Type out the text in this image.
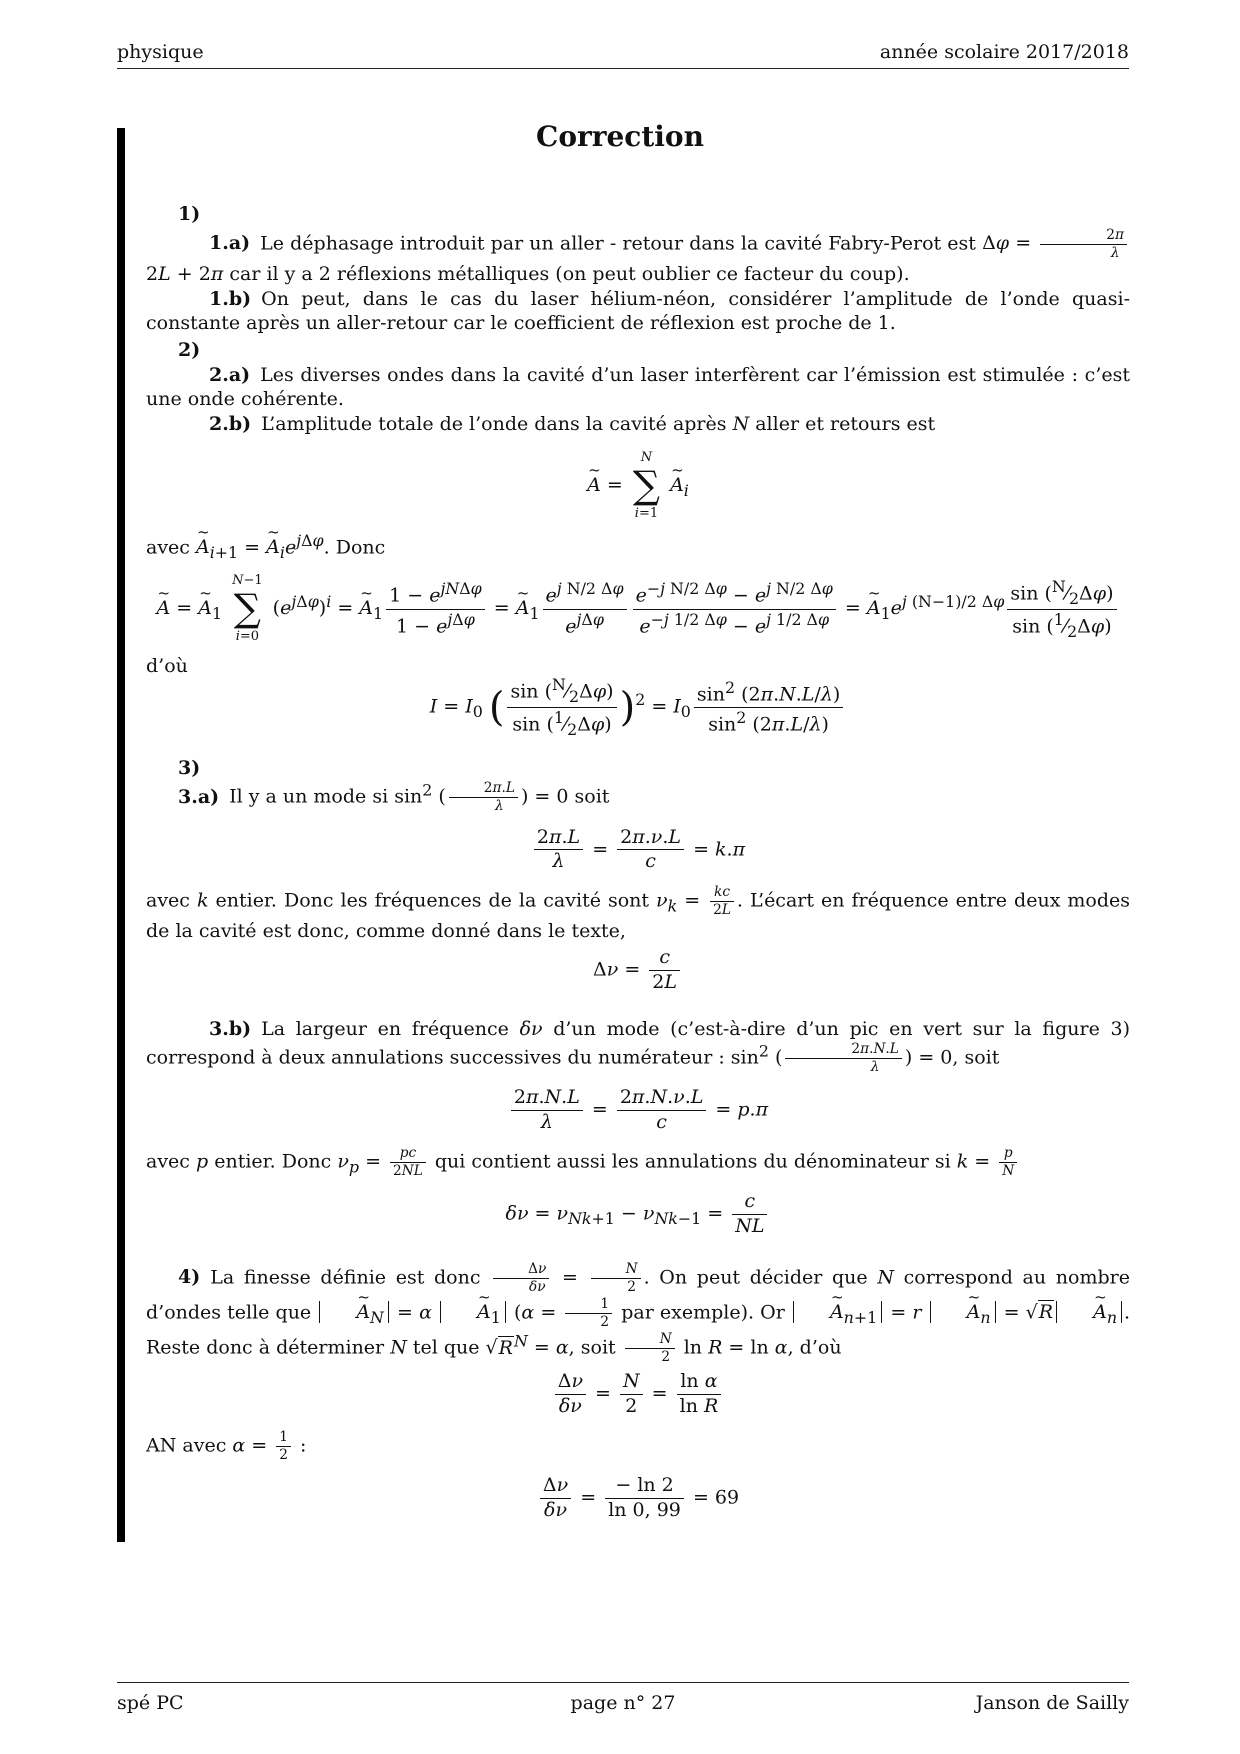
physique	année scolaire 2017/2018
Correction
1)

1.a) Le déphasage introduit par un aller - retour dans la cavité Fabry-Perot est $\Delta\varphi = \frac{2\pi}{\lambda}$
2L + 2π car il y a 2 réflexions métalliques (on peut oublier ce facteur du coup).

1.b) On peut, dans le cas du laser hélium-néon, considérer l’amplitude de l’onde quasi-constante après un aller-retour car le coefficient de réflexion est proche de 1.

2)

2.a) Les diverses ondes dans la cavité d’un laser interfèrent car l’émission est stimulée : c’est une onde cohérente.

2.b) L’amplitude totale de l’onde dans la cavité après N aller et retours est

~ A =
N
∑
i=1
~ $A_i$

avec ~ $A_{i+1}$ = ~ $A_ie^{j\Delta\varphi}$. Donc

~ A = ~ $A_1$
N−1
∑
i=0
$(e^{j\Delta\varphi})^i$ = ~ $A_1 \frac{1 - e^{jN\Delta\varphi}}{1 - e^{j\Delta\varphi}}$ = ~ $A_1 \frac{e^{j N/2 \Delta\varphi}}{e^{j\Delta\varphi}} \frac{e^{-j N/2 \Delta\varphi} - e^{j N/2 \Delta\varphi}}{e^{-j 1/2 \Delta\varphi} - e^{j 1/2 \Delta\varphi}}$ = ~ $A_1e^{j (N-1)/2 \Delta\varphi} \frac{\sin (^N⁄_2\Delta\varphi)}{\sin (^1⁄_2\Delta\varphi)}$

d’où

$I = I_0$ ( $\frac{\sin (^N⁄_2\Delta\varphi)}{\sin (^1⁄_2\Delta\varphi)} )^2 = I_0 \frac{\sin^2 (2\pi.N.L/\lambda)}{\sin^2 (2\pi.L/\lambda)}$
3)

3.a) Il y a un mode si $\sin^2$ ( $\frac{2\pi.L}{\lambda}$ ) = 0 soit

$\frac{2\pi.L}{\lambda} = \frac{2\pi.\nu.L}{c} = k.\pi$

avec k entier. Donc les fréquences de la cavité sont $\nu_k = \frac{kc}{2L}$ . L’écart en fréquence entre deux modes de la cavité est donc, comme donné dans le texte,

$\Delta\nu = \frac{c}{2L}$

3.b) La largeur en fréquence δν d’un mode (c’est-à-dire d’un pic en vert sur la figure 3) correspond à deux annulations successives du numérateur : $\sin^2$ ( $\frac{2\pi.N.L}{\lambda}$ ) = 0, soit

$\frac{2\pi.N.L}{\lambda} = \frac{2\pi.N.\nu.L}{c} = p.\pi$

avec p entier. Donc $\nu_p = \frac{pc}{2NL}$ qui contient aussi les annulations du dénominateur si $k = \frac{p}{N}$

$\delta\nu = \nu_{Nk+1} - \nu_{Nk-1} = \frac{c}{NL}$

4) La finesse définie est donc $\frac{\Delta\nu}{\delta\nu} = \frac{N}{2}$ . On peut décider que N correspond au nombre d’ondes telle que ~ $A_N = \alpha$ ~ $A_1$ ($\alpha = \frac{1}{2}$ par exemple). Or ~ $A_{n+1} = r$ ~ $A_n = √R$ ~ $A_n$ . Reste donc à déterminer N tel que $√R^N = \alpha$, soit $\frac{N}{2}$ ln R = ln α, d’où

$\frac{\Delta\nu}{\delta\nu} = \frac{N}{2} = \frac{\text{ln α}}{\text{ln R}}$

AN avec $\alpha = \frac{1}{2}$ :

$\frac{\Delta\nu}{\delta\nu} = \frac{- \ln 2}{\ln 0, 99} = 69$
spé PC	page n° 27	Janson de Sailly
